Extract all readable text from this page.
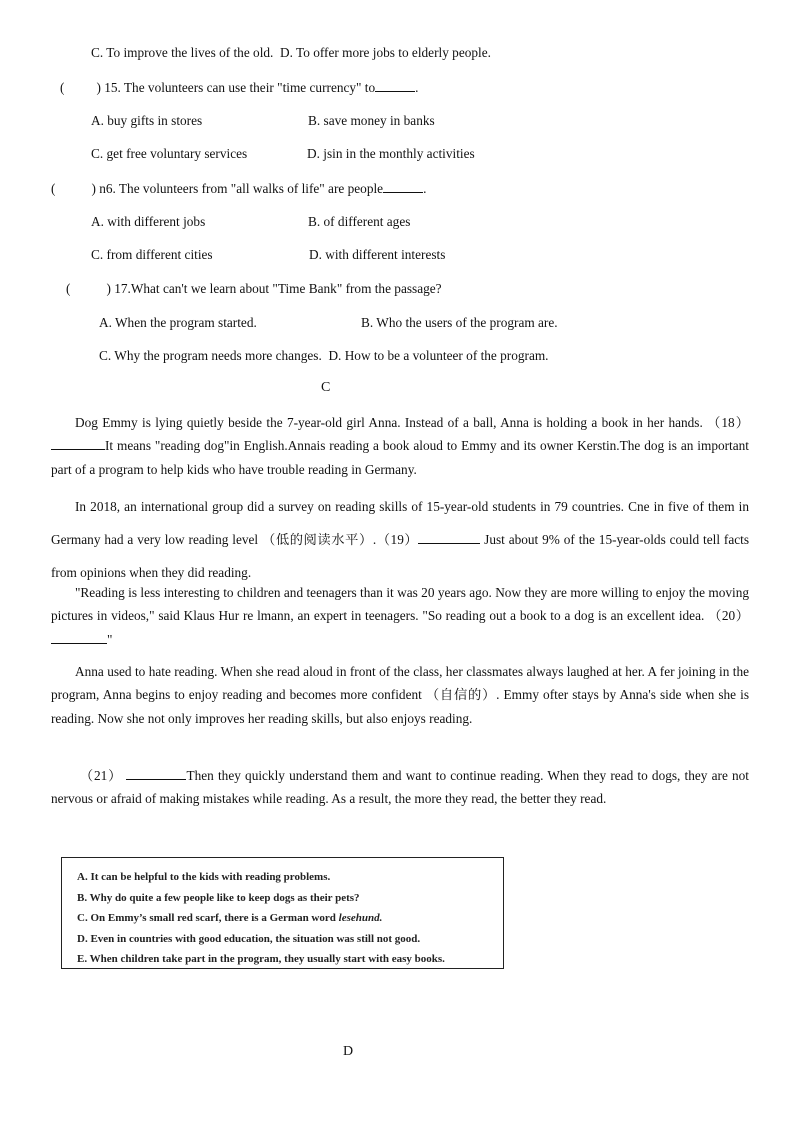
C. To improve the lives of the old. D. To offer more jobs to elderly people.
( ) 15. The volunteers can use their "time currency" to	.
A. buy gifts in stores	B. save money in banks
C. get free voluntary services	D. jsin in the monthly activities
(	) n6. The volunteers from "all walks of life" are people	.
A. with different jobs	B. of different ages
C. from different cities	D. with different interests
(	) 17.What can't we learn about "Time Bank" from the passage?
A. When the program started.	B. Who the users of the program are.
C. Why the program needs more changes. D. How to be a volunteer of the program.
C
Dog Emmy is lying quietly beside the 7-year-old girl Anna. Instead of a ball, Anna is holding a book in her hands. （18）It means "reading dog"in English.Annais reading a book aloud to Emmy and its owner Kerstin.The dog is an important part of a program to help kids who have trouble reading in Germany.
In 2018, an international group did a survey on reading skills of 15-year-old students in 79 countries. Cne in five of them in Germany had a very low reading level （低的阅读水平）.（19）	Just about 9% of the 15-year-olds could tell facts from opinions when they did reading.
"Reading is less interesting to children and teenagers than it was 20 years ago. Now they are more willing to enjoy the moving pictures in videos," said Klaus Hur re lmann, an expert in teenagers. "So reading out a book to a dog is an excellent idea. （20）"
Anna used to hate reading. When she read aloud in front of the class, her classmates always laughed at her. A fer joining in the program, Anna begins to enjoy reading and becomes more confident （自信的）. Emmy ofter stays by Anna's side when she is reading. Now she not only improves her reading skills, but also enjoys reading.
（21）	Then they quickly understand them and want to continue reading. When they read to dogs, they are not nervous or afraid of making mistakes while reading. As a result, the more they read, the better they read.
A. It can be helpful to the kids with reading problems.
B. Why do quite a few people like to keep dogs as their pets?
C. On Emmy’s small red scarf, there is a German word lesehund.
D. Even in countries with good education, the situation was still not good.
E. When children take part in the program, they usually start with easy books.
D
